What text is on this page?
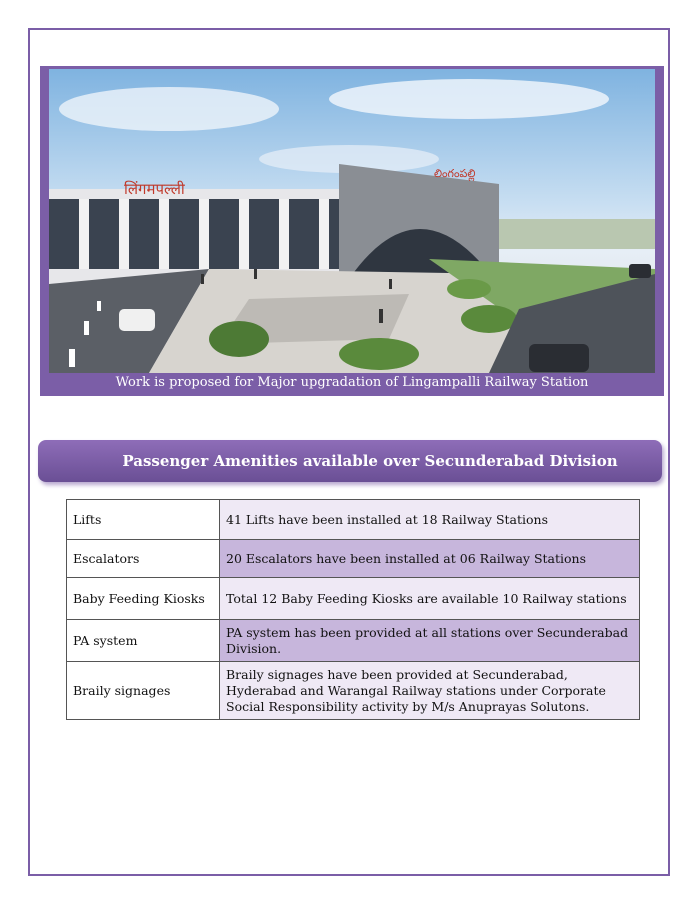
लिंगमपल्ली
లింగంపల్లి
Work is proposed for Major upgradation of Lingampalli Railway Station
Passenger Amenities available over Secunderabad Division
Lifts	41 Lifts have been installed at 18 Railway Stations
Escalators	20 Escalators have been installed at 06 Railway Stations
Baby Feeding Kiosks	Total 12 Baby Feeding Kiosks are available 10 Railway stations
PA system	PA system has been provided at all stations over Secunderabad Division.
Braily signages	Braily signages have been provided at Secunderabad, Hyderabad and Warangal Railway stations under Corporate Social Responsibility activity by M/s Anuprayas Solutons.
